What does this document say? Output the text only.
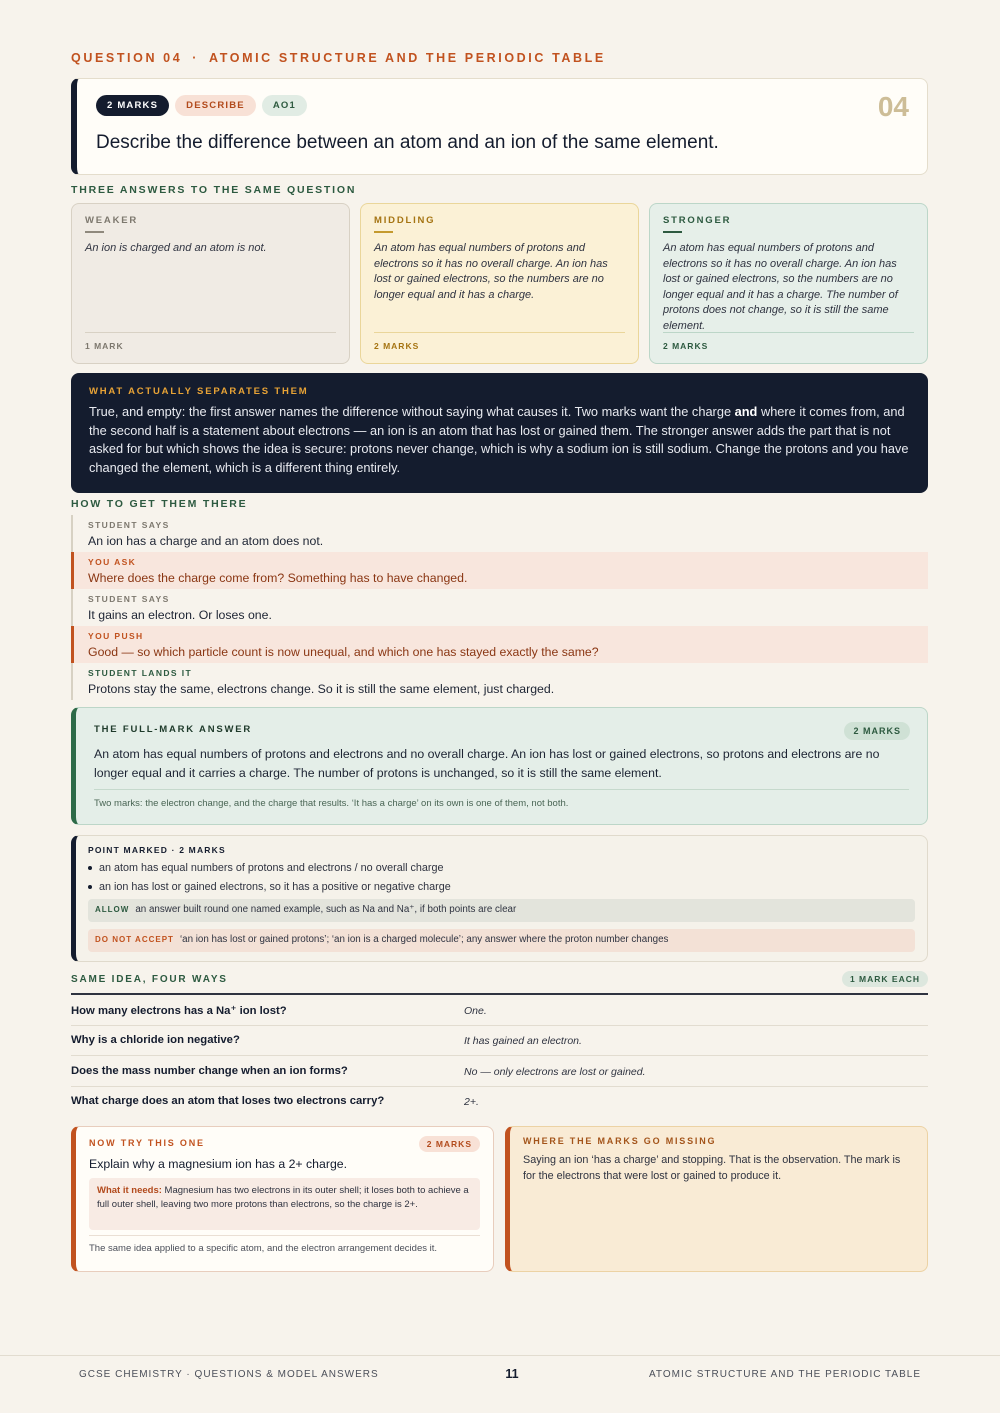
QUESTION 04 · ATOMIC STRUCTURE AND THE PERIODIC TABLE
2 MARKS	DESCRIBE	AO1	04
Describe the difference between an atom and an ion of the same element.
THREE ANSWERS TO THE SAME QUESTION
WEAKER
An ion is charged and an atom is not.
1 MARK
MIDDLING
An atom has equal numbers of protons and electrons so it has no overall charge. An ion has lost or gained electrons, so the numbers are no longer equal and it has a charge.
2 MARKS
STRONGER
An atom has equal numbers of protons and electrons so it has no overall charge. An ion has lost or gained electrons, so the numbers are no longer equal and it has a charge. The number of protons does not change, so it is still the same element.
2 MARKS
WHAT ACTUALLY SEPARATES THEM
True, and empty: the first answer names the difference without saying what causes it. Two marks want the charge and where it comes from, and the second half is a statement about electrons — an ion is an atom that has lost or gained them. The stronger answer adds the part that is not asked for but which shows the idea is secure: protons never change, which is why a sodium ion is still sodium. Change the protons and you have changed the element, which is a different thing entirely.
HOW TO GET THEM THERE
STUDENT SAYS
An ion has a charge and an atom does not.
YOU ASK
Where does the charge come from? Something has to have changed.
STUDENT SAYS
It gains an electron. Or loses one.
YOU PUSH
Good — so which particle count is now unequal, and which one has stayed exactly the same?
STUDENT LANDS IT
Protons stay the same, electrons change. So it is still the same element, just charged.
THE FULL-MARK ANSWER	2 MARKS
An atom has equal numbers of protons and electrons and no overall charge. An ion has lost or gained electrons, so protons and electrons are no longer equal and it carries a charge. The number of protons is unchanged, so it is still the same element.
Two marks: the electron change, and the charge that results. ‘It has a charge’ on its own is one of them, not both.
POINT MARKED · 2 MARKS
an atom has equal numbers of protons and electrons / no overall charge
an ion has lost or gained electrons, so it has a positive or negative charge
ALLOW an answer built round one named example, such as Na and Na⁺, if both points are clear
DO NOT ACCEPT ‘an ion has lost or gained protons’; ‘an ion is a charged molecule’; any answer where the proton number changes
SAME IDEA, FOUR WAYS	1 MARK EACH
How many electrons has a Na⁺ ion lost?	One.
Why is a chloride ion negative?	It has gained an electron.
Does the mass number change when an ion forms?	No — only electrons are lost or gained.
What charge does an atom that loses two electrons carry?	2+.
NOW TRY THIS ONE	2 MARKS
Explain why a magnesium ion has a 2+ charge.
What it needs: Magnesium has two electrons in its outer shell; it loses both to achieve a full outer shell, leaving two more protons than electrons, so the charge is 2+.
The same idea applied to a specific atom, and the electron arrangement decides it.
WHERE THE MARKS GO MISSING
Saying an ion ‘has a charge’ and stopping. That is the observation. The mark is for the electrons that were lost or gained to produce it.
GCSE CHEMISTRY · QUESTIONS & MODEL ANSWERS	11	ATOMIC STRUCTURE AND THE PERIODIC TABLE
